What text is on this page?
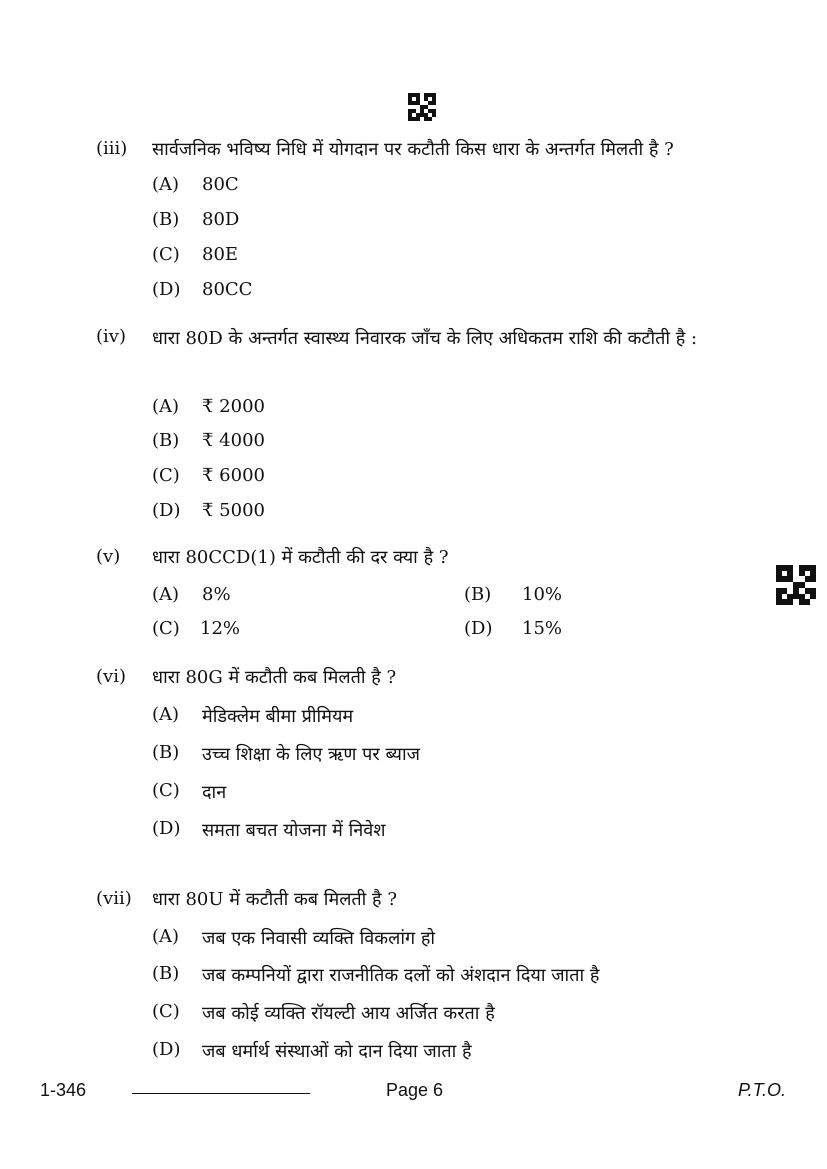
(iii) सार्वजनिक भविष्य निधि में योगदान पर कटौती किस धारा के अन्तर्गत मिलती है ?
(A) 80C
(B) 80D
(C) 80E
(D) 80CC
(iv) धारा 80D के अन्तर्गत स्वास्थ्य निवारक जाँच के लिए अधिकतम राशि की कटौती है :
(A) ₹ 2000
(B) ₹ 4000
(C) ₹ 6000
(D) ₹ 5000
(v) धारा 80CCD(1) में कटौती की दर क्या है ?
(A) 8%	(B) 10%
(C) 12%	(D) 15%
(vi) धारा 80G में कटौती कब मिलती है ?
(A) मेडिक्लेम बीमा प्रीमियम
(B) उच्च शिक्षा के लिए ऋण पर ब्याज
(C) दान
(D) समता बचत योजना में निवेश
(vii) धारा 80U में कटौती कब मिलती है ?
(A) जब एक निवासी व्यक्ति विकलांग हो
(B) जब कम्पनियों द्वारा राजनीतिक दलों को अंशदान दिया जाता है
(C) जब कोई व्यक्ति रॉयल्टी आय अर्जित करता है
(D) जब धर्मार्थ संस्थाओं को दान दिया जाता है
1-346	Page 6	P.T.O.
